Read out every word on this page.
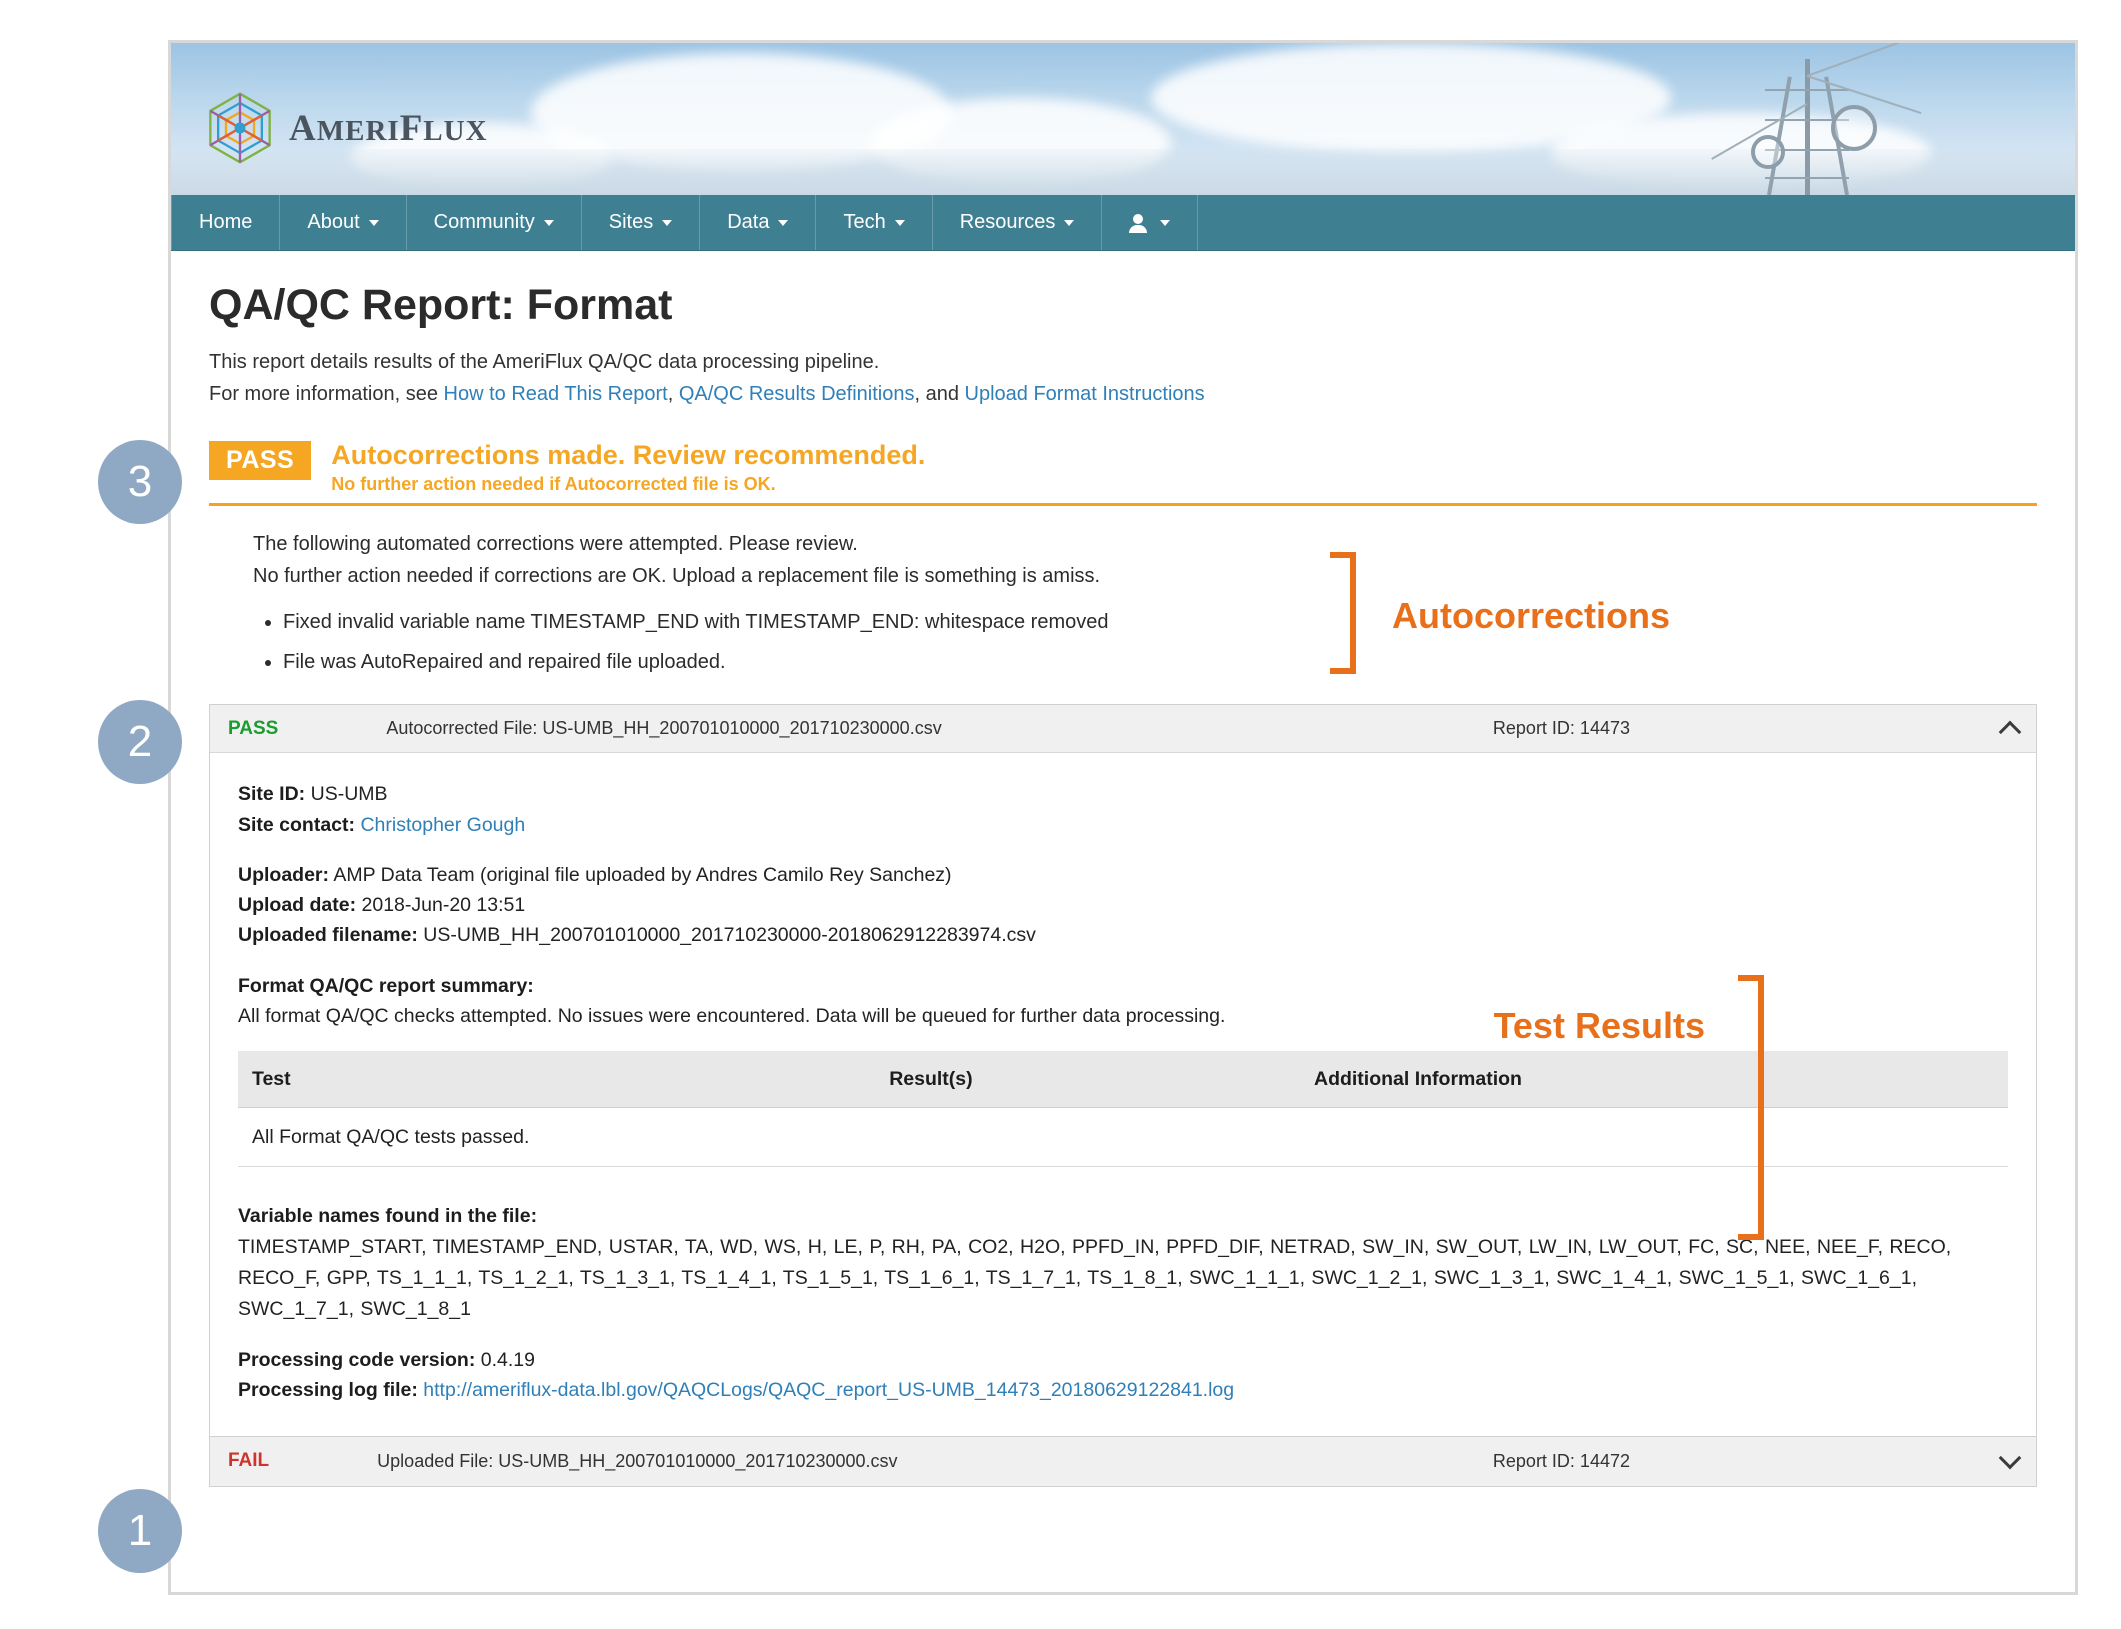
AMERIFLUX
Home	About	Community	Sites	Data	Tech	Resources
QA/QC Report: Format
This report details results of the AmeriFlux QA/QC data processing pipeline.
For more information, see How to Read This Report, QA/QC Results Definitions, and Upload Format Instructions
PASS	Autocorrections made. Review recommended.
No further action needed if Autocorrected file is OK.
The following automated corrections were attempted. Please review.
No further action needed if corrections are OK. Upload a replacement file is something is amiss.
• Fixed invalid variable name TIMESTAMP_END with TIMESTAMP_END: whitespace removed
• File was AutoRepaired and repaired file uploaded.
PASS	Autocorrected File: US-UMB_HH_200701010000_201710230000.csv	Report ID: 14473
Site ID: US-UMB
Site contact: Christopher Gough
Uploader: AMP Data Team (original file uploaded by Andres Camilo Rey Sanchez)
Upload date: 2018-Jun-20 13:51
Uploaded filename: US-UMB_HH_200701010000_201710230000-2018062912283974.csv
Format QA/QC report summary:
All format QA/QC checks attempted. No issues were encountered. Data will be queued for further data processing.
Test	Result(s)	Additional Information
All Format QA/QC tests passed.		
Variable names found in the file:
TIMESTAMP_START, TIMESTAMP_END, USTAR, TA, WD, WS, H, LE, P, RH, PA, CO2, H2O, PPFD_IN, PPFD_DIF, NETRAD, SW_IN, SW_OUT, LW_IN, LW_OUT, FC, SC, NEE, NEE_F, RECO, RECO_F, GPP, TS_1_1_1, TS_1_2_1, TS_1_3_1, TS_1_4_1, TS_1_5_1, TS_1_6_1, TS_1_7_1, TS_1_8_1, SWC_1_1_1, SWC_1_2_1, SWC_1_3_1, SWC_1_4_1, SWC_1_5_1, SWC_1_6_1, SWC_1_7_1, SWC_1_8_1
Processing code version: 0.4.19
Processing log file: http://ameriflux-data.lbl.gov/QAQCLogs/QAQC_report_US-UMB_14473_20180629122841.log
FAIL	Uploaded File: US-UMB_HH_200701010000_201710230000.csv	Report ID: 14472
3
2
1
Autocorrections
Test Results
